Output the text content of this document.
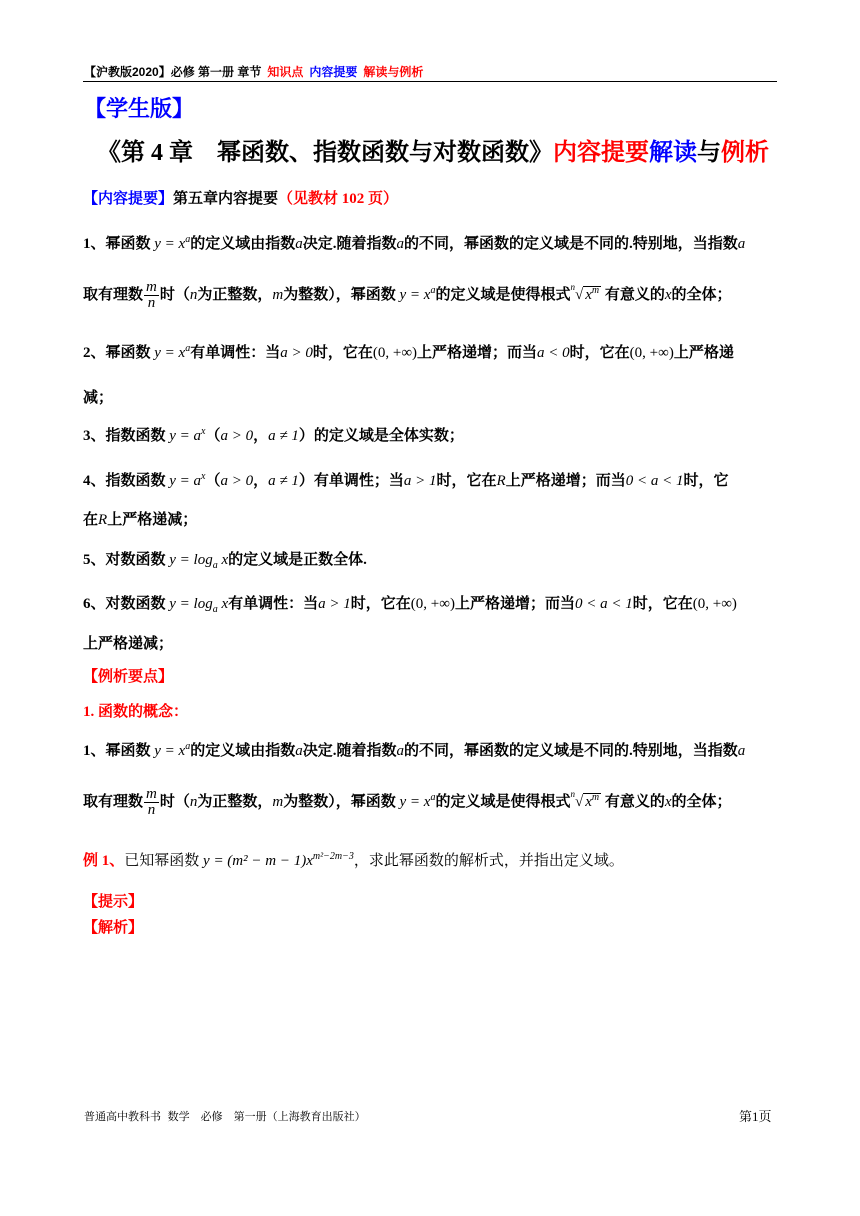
【沪教版2020】必修 第一册 章节 知识点 内容提要 解读与例析
【学生版】
《第 4 章　幂函数、指数函数与对数函数》内容提要解读与例析
【内容提要】第五章内容提要（见教材 102 页）
1、幂函数 $y = x^a$的定义域由指数a决定.随着指数a的不同，幂函数的定义域是不同的.特别地，当指数a
取有理数 $\frac{m}{n}$ 时（n为正整数，m为整数），幂函数 $y = x^a$的定义域是使得根式$^n$√ $x^m$ 有意义的x的全体；
2、幂函数 $y = x^a$有单调性：当a > 0时，它在(0, +∞)上严格递增；而当a < 0时，它在(0, +∞)上严格递
减；
3、指数函数 $y = a^x(a > 0$，a ≠ 1）的定义域是全体实数；
4、指数函数 $y = a^x(a > 0$，a ≠ 1）有单调性；当a > 1时，它在R上严格递增；而当0 < a < 1时，它
在R上严格递减；
5、对数函数 $y = \log_a x$的定义域是正数全体.
6、对数函数 $y = \log_a x$有单调性：当a > 1时，它在(0, +∞)上严格递增；而当0 < a < 1时，它在(0, +∞)
上严格递减；
【例析要点】
1. 函数的概念：
1、幂函数 $y = x^a$的定义域由指数a决定.随着指数a的不同，幂函数的定义域是不同的.特别地，当指数a
取有理数 $\frac{m}{n}$ 时（n为正整数，m为整数），幂函数 $y = x^a$的定义域是使得根式$^n$√ $x^m$ 有意义的x的全体；
例 1、已知幂函数 $y = (m^2 - m - 1)x^{m^2-2m-3}$，求此幂函数的解析式，并指出定义域。
【提示】
【解析】
普通高中教科书 数学　必修　第一册（上海教育出版社）	第1页
